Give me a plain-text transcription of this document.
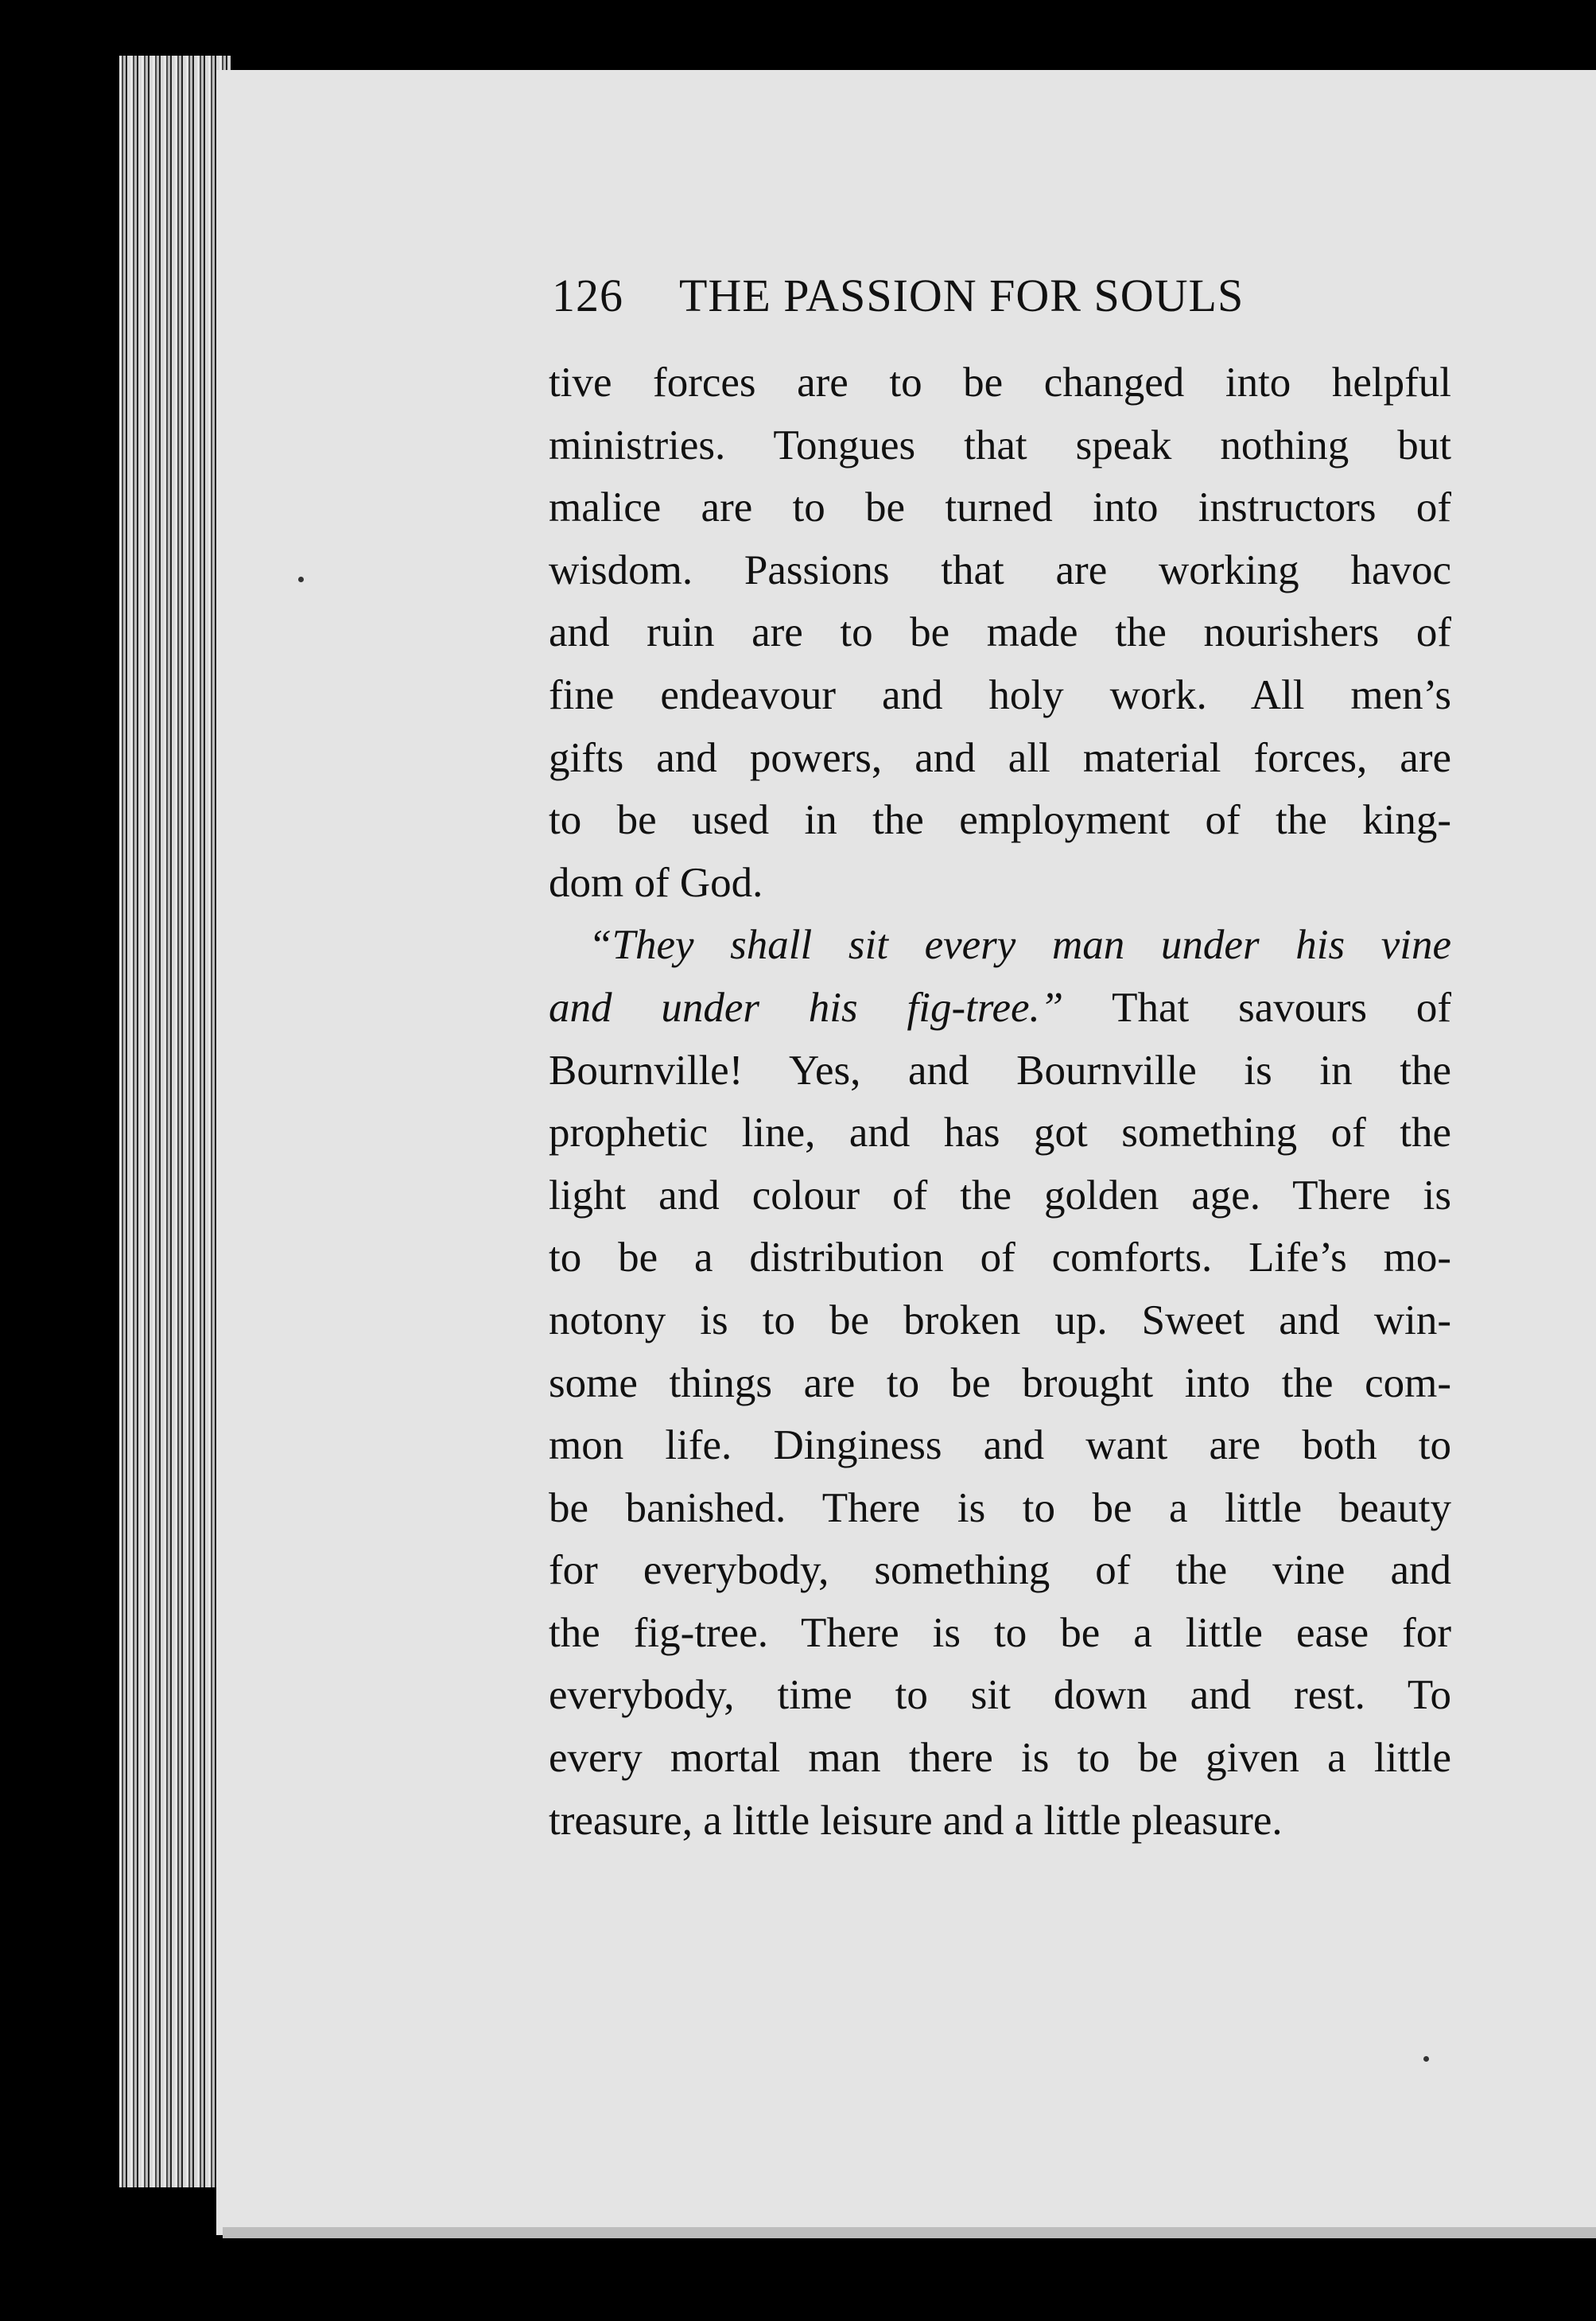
126 THE PASSION FOR SOULS
tive forces are to be changed into helpful
ministries. Tongues that speak nothing but
malice are to be turned into instructors of
wisdom. Passions that are working havoc
and ruin are to be made the nourishers of
fine endeavour and holy work. All men’s
gifts and powers, and all material forces, are
to be used in the employment of the king-
dom of God.
“They shall sit every man under his vine
and under his fig-tree.” That savours of
Bournville! Yes, and Bournville is in the
prophetic line, and has got something of the
light and colour of the golden age. There is
to be a distribution of comforts. Life’s mo-
notony is to be broken up. Sweet and win-
some things are to be brought into the com-
mon life. Dinginess and want are both to
be banished. There is to be a little beauty
for everybody, something of the vine and
the fig-tree. There is to be a little ease for
everybody, time to sit down and rest. To
every mortal man there is to be given a little
treasure, a little leisure and a little pleasure.
